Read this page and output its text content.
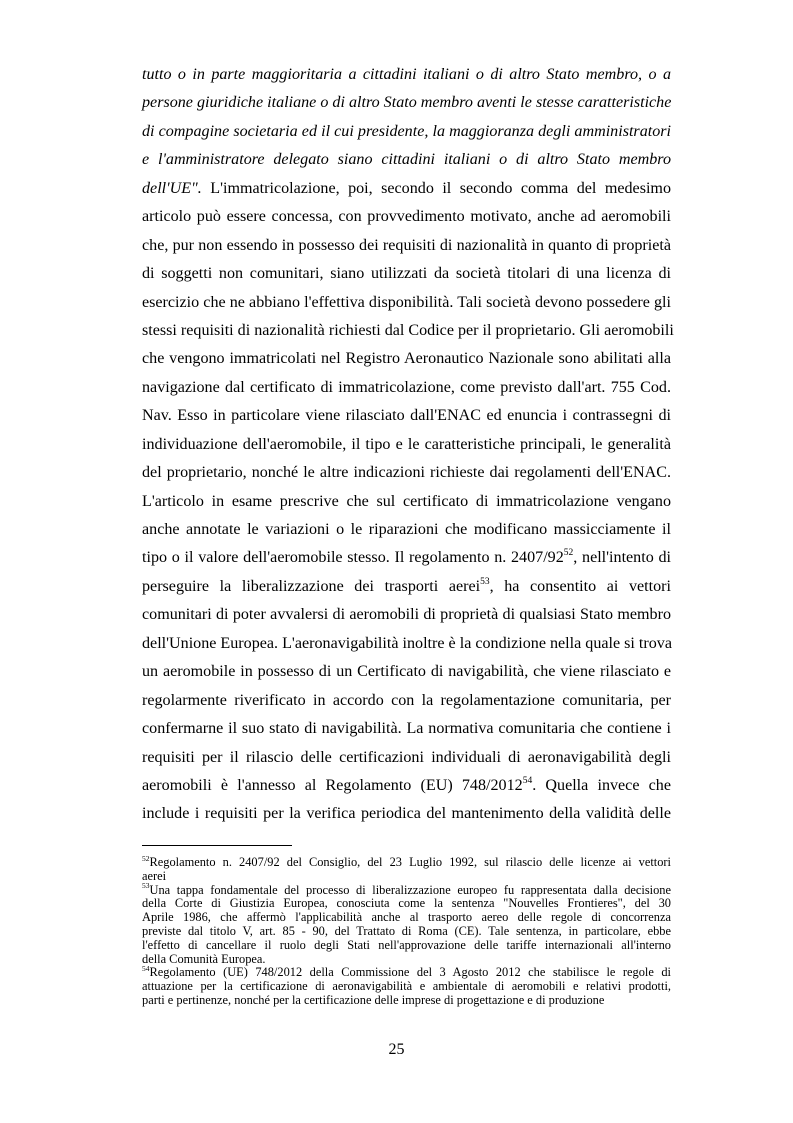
tutto o in parte maggioritaria a cittadini italiani o di altro Stato membro, o a
persone giuridiche italiane o di altro Stato membro aventi le stesse caratteristiche
di compagine societaria ed il cui presidente, la maggioranza degli amministratori
e l'amministratore delegato siano cittadini italiani o di altro Stato membro
dell'UE". L'immatricolazione, poi, secondo il secondo comma del medesimo
articolo può essere concessa, con provvedimento motivato, anche ad aeromobili
che, pur non essendo in possesso dei requisiti di nazionalità in quanto di proprietà
di soggetti non comunitari, siano utilizzati da società titolari di una licenza di
esercizio che ne abbiano l'effettiva disponibilità. Tali società devono possedere gli
stessi requisiti di nazionalità richiesti dal Codice per il proprietario. Gli aeromobili
che vengono immatricolati nel Registro Aeronautico Nazionale sono abilitati alla
navigazione dal certificato di immatricolazione, come previsto dall'art. 755 Cod.
Nav. Esso in particolare viene rilasciato dall'ENAC ed enuncia i contrassegni di
individuazione dell'aeromobile, il tipo e le caratteristiche principali, le generalità
del proprietario, nonché le altre indicazioni richieste dai regolamenti dell'ENAC.
L'articolo in esame prescrive che sul certificato di immatricolazione vengano
anche annotate le variazioni o le riparazioni che modificano massicciamente il
tipo o il valore dell'aeromobile stesso. Il regolamento n. $2407/92^{52}$, nell'intento di
perseguire la liberalizzazione dei trasporti aerei$^{53}$, ha consentito ai vettori
comunitari di poter avvalersi di aeromobili di proprietà di qualsiasi Stato membro
dell'Unione Europea. L'aeronavigabilità inoltre è la condizione nella quale si trova
un aeromobile in possesso di un Certificato di navigabilità, che viene rilasciato e
regolarmente riverificato in accordo con la regolamentazione comunitaria, per
confermarne il suo stato di navigabilità. La normativa comunitaria che contiene i
requisiti per il rilascio delle certificazioni individuali di aeronavigabilità degli
aeromobili è l'annesso al Regolamento (EU) 748/2012$^{54}$. Quella invece che
include i requisiti per la verifica periodica del mantenimento della validità delle
$^{52}$Regolamento n. 2407/92 del Consiglio, del 23 Luglio 1992, sul rilascio delle licenze ai vettori
aerei
$^{53}$Una tappa fondamentale del processo di liberalizzazione europeo fu rappresentata dalla decisione
della Corte di Giustizia Europea, conosciuta come la sentenza "Nouvelles Frontieres", del 30
Aprile 1986, che affermò l'applicabilità anche al trasporto aereo delle regole di concorrenza
previste dal titolo V, art. 85 - 90, del Trattato di Roma (CE). Tale sentenza, in particolare, ebbe
l'effetto di cancellare il ruolo degli Stati nell'approvazione delle tariffe internazionali all'interno
della Comunità Europea.
$^{54}$Regolamento (UE) 748/2012 della Commissione del 3 Agosto 2012 che stabilisce le regole di
attuazione per la certificazione di aeronavigabilità e ambientale di aeromobili e relativi prodotti,
parti e pertinenze, nonché per la certificazione delle imprese di progettazione e di produzione
25
